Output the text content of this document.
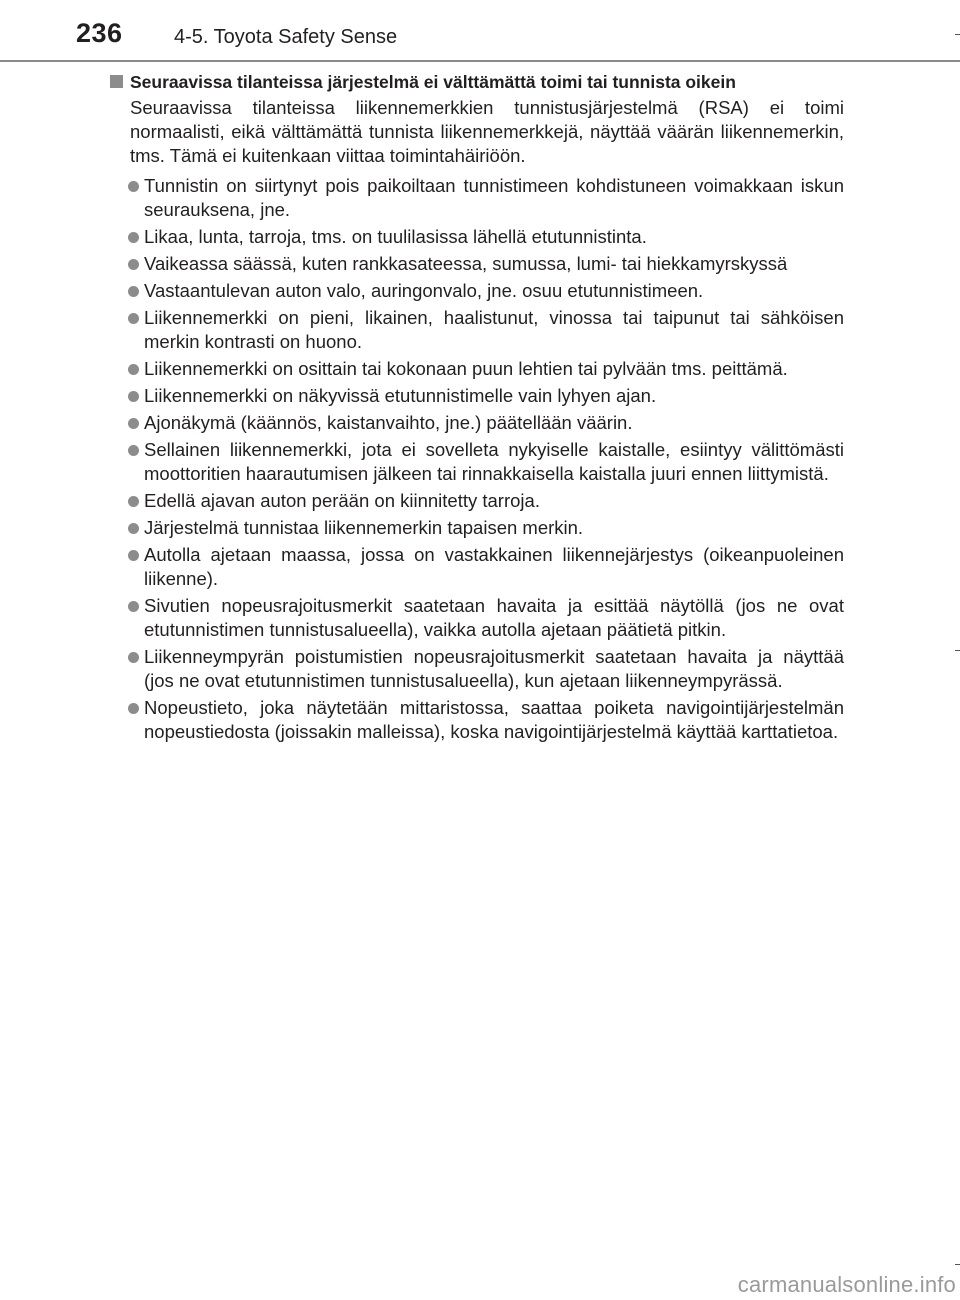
236	4-5. Toyota Safety Sense
Seuraavissa tilanteissa järjestelmä ei välttämättä toimi tai tunnista oikein
Seuraavissa tilanteissa liikennemerkkien tunnistusjärjestelmä (RSA) ei toimi normaalisti, eikä välttämättä tunnista liikennemerkkejä, näyttää väärän liikennemerkin, tms. Tämä ei kuitenkaan viittaa toimintahäiriöön.
Tunnistin on siirtynyt pois paikoiltaan tunnistimeen kohdistuneen voimakkaan iskun seurauksena, jne.
Likaa, lunta, tarroja, tms. on tuulilasissa lähellä etutunnistinta.
Vaikeassa säässä, kuten rankkasateessa, sumussa, lumi- tai hiekkamyrskyssä
Vastaantulevan auton valo, auringonvalo, jne. osuu etutunnistimeen.
Liikennemerkki on pieni, likainen, haalistunut, vinossa tai taipunut tai sähköisen merkin kontrasti on huono.
Liikennemerkki on osittain tai kokonaan puun lehtien tai pylvään tms. peittämä.
Liikennemerkki on näkyvissä etutunnistimelle vain lyhyen ajan.
Ajonäkymä (käännös, kaistanvaihto, jne.) päätellään väärin.
Sellainen liikennemerkki, jota ei sovelleta nykyiselle kaistalle, esiintyy välittömästi moottoritien haarautumisen jälkeen tai rinnakkaisella kaistalla juuri ennen liittymistä.
Edellä ajavan auton perään on kiinnitetty tarroja.
Järjestelmä tunnistaa liikennemerkin tapaisen merkin.
Autolla ajetaan maassa, jossa on vastakkainen liikennejärjestys (oikeanpuoleinen liikenne).
Sivutien nopeusrajoitusmerkit saatetaan havaita ja esittää näytöllä (jos ne ovat etutunnistimen tunnistusalueella), vaikka autolla ajetaan päätietä pitkin.
Liikenneympyrän poistumistien nopeusrajoitusmerkit saatetaan havaita ja näyttää (jos ne ovat etutunnistimen tunnistusalueella), kun ajetaan liikenneympyrässä.
Nopeustieto, joka näytetään mittaristossa, saattaa poiketa navigointijärjestelmän nopeustiedosta (joissakin malleissa), koska navigointijärjestelmä käyttää karttatietoa.
carmanualsonline.info
